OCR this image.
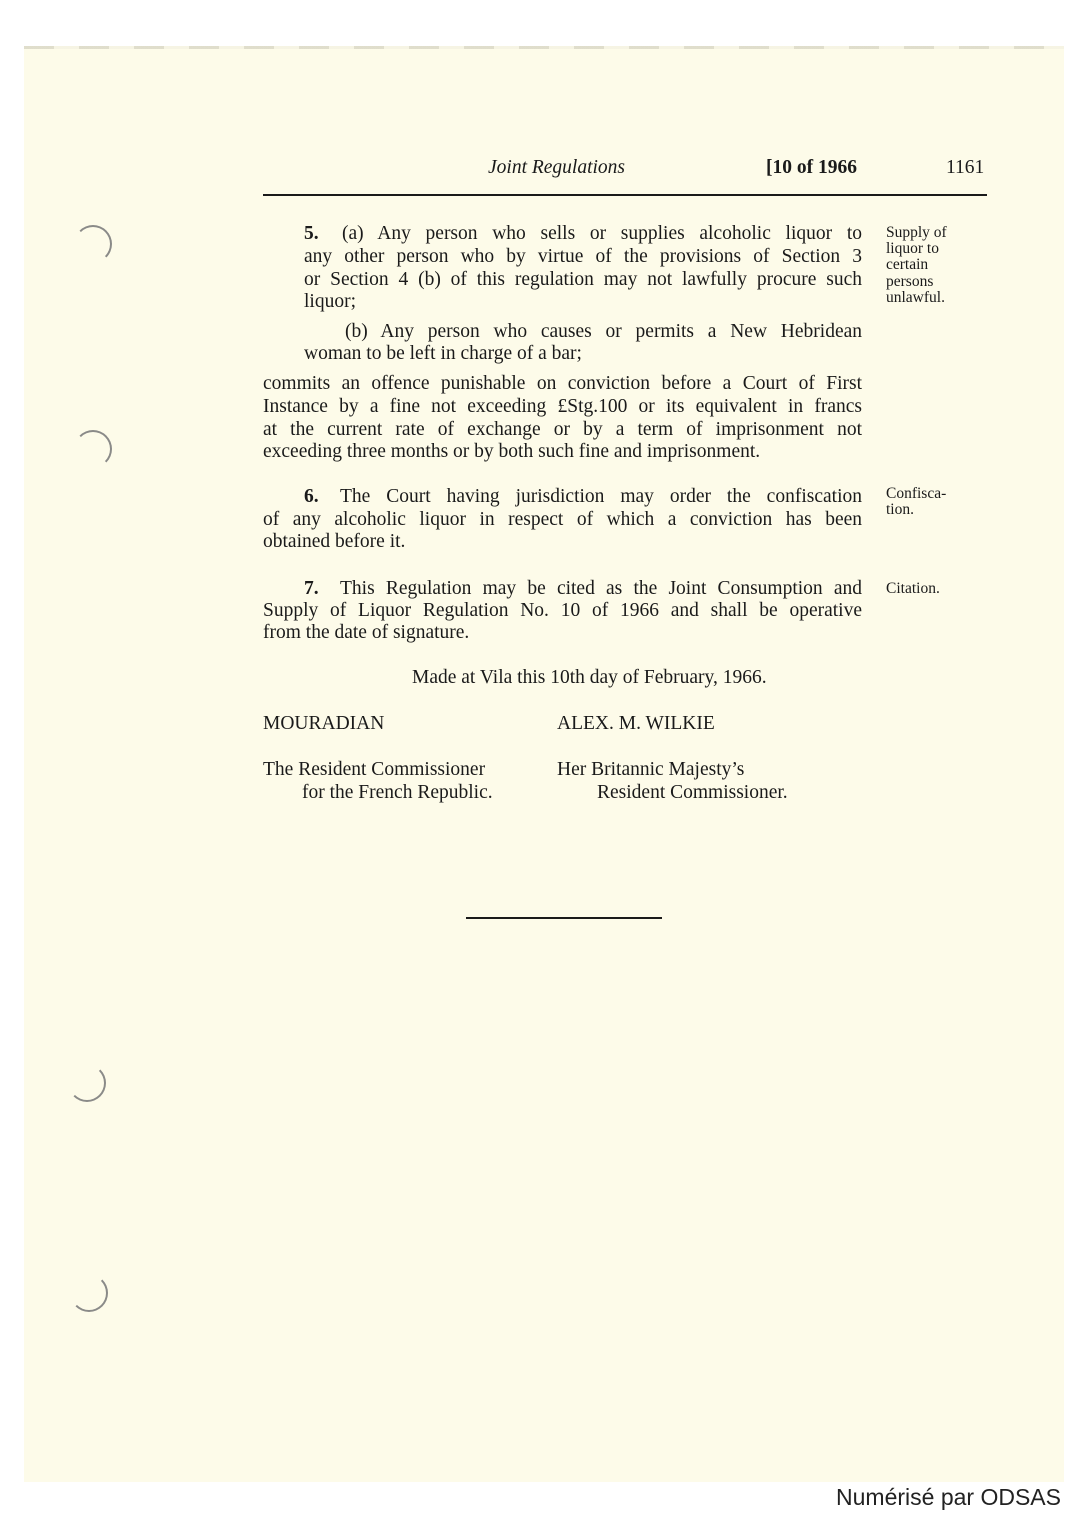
Joint Regulations	[10 of 1966	1161
5. (a) Any person who sells or supplies alcoholic liquor to
any other person who by virtue of the provisions of Section 3
or Section 4 (b) of this regulation may not lawfully procure such
liquor;
(b) Any person who causes or permits a New Hebridean
woman to be left in charge of a bar;
commits an offence punishable on conviction before a Court of First
Instance by a fine not exceeding £Stg.100 or its equivalent in francs
at the current rate of exchange or by a term of imprisonment not
exceeding three months or by both such fine and imprisonment.
Supply of
liquor to
certain
persons
unlawful.
6. The Court having jurisdiction may order the confiscation
of any alcoholic liquor in respect of which a conviction has been
obtained before it.
Confisca-
tion.
7. This Regulation may be cited as the Joint Consumption and
Supply of Liquor Regulation No. 10 of 1966 and shall be operative
from the date of signature.
Citation.
Made at Vila this 10th day of February, 1966.
MOURADIAN
The Resident Commissioner
for the French Republic.
ALEX. M. WILKIE
Her Britannic Majesty’s
Resident Commissioner.
Numérisé par ODSAS
